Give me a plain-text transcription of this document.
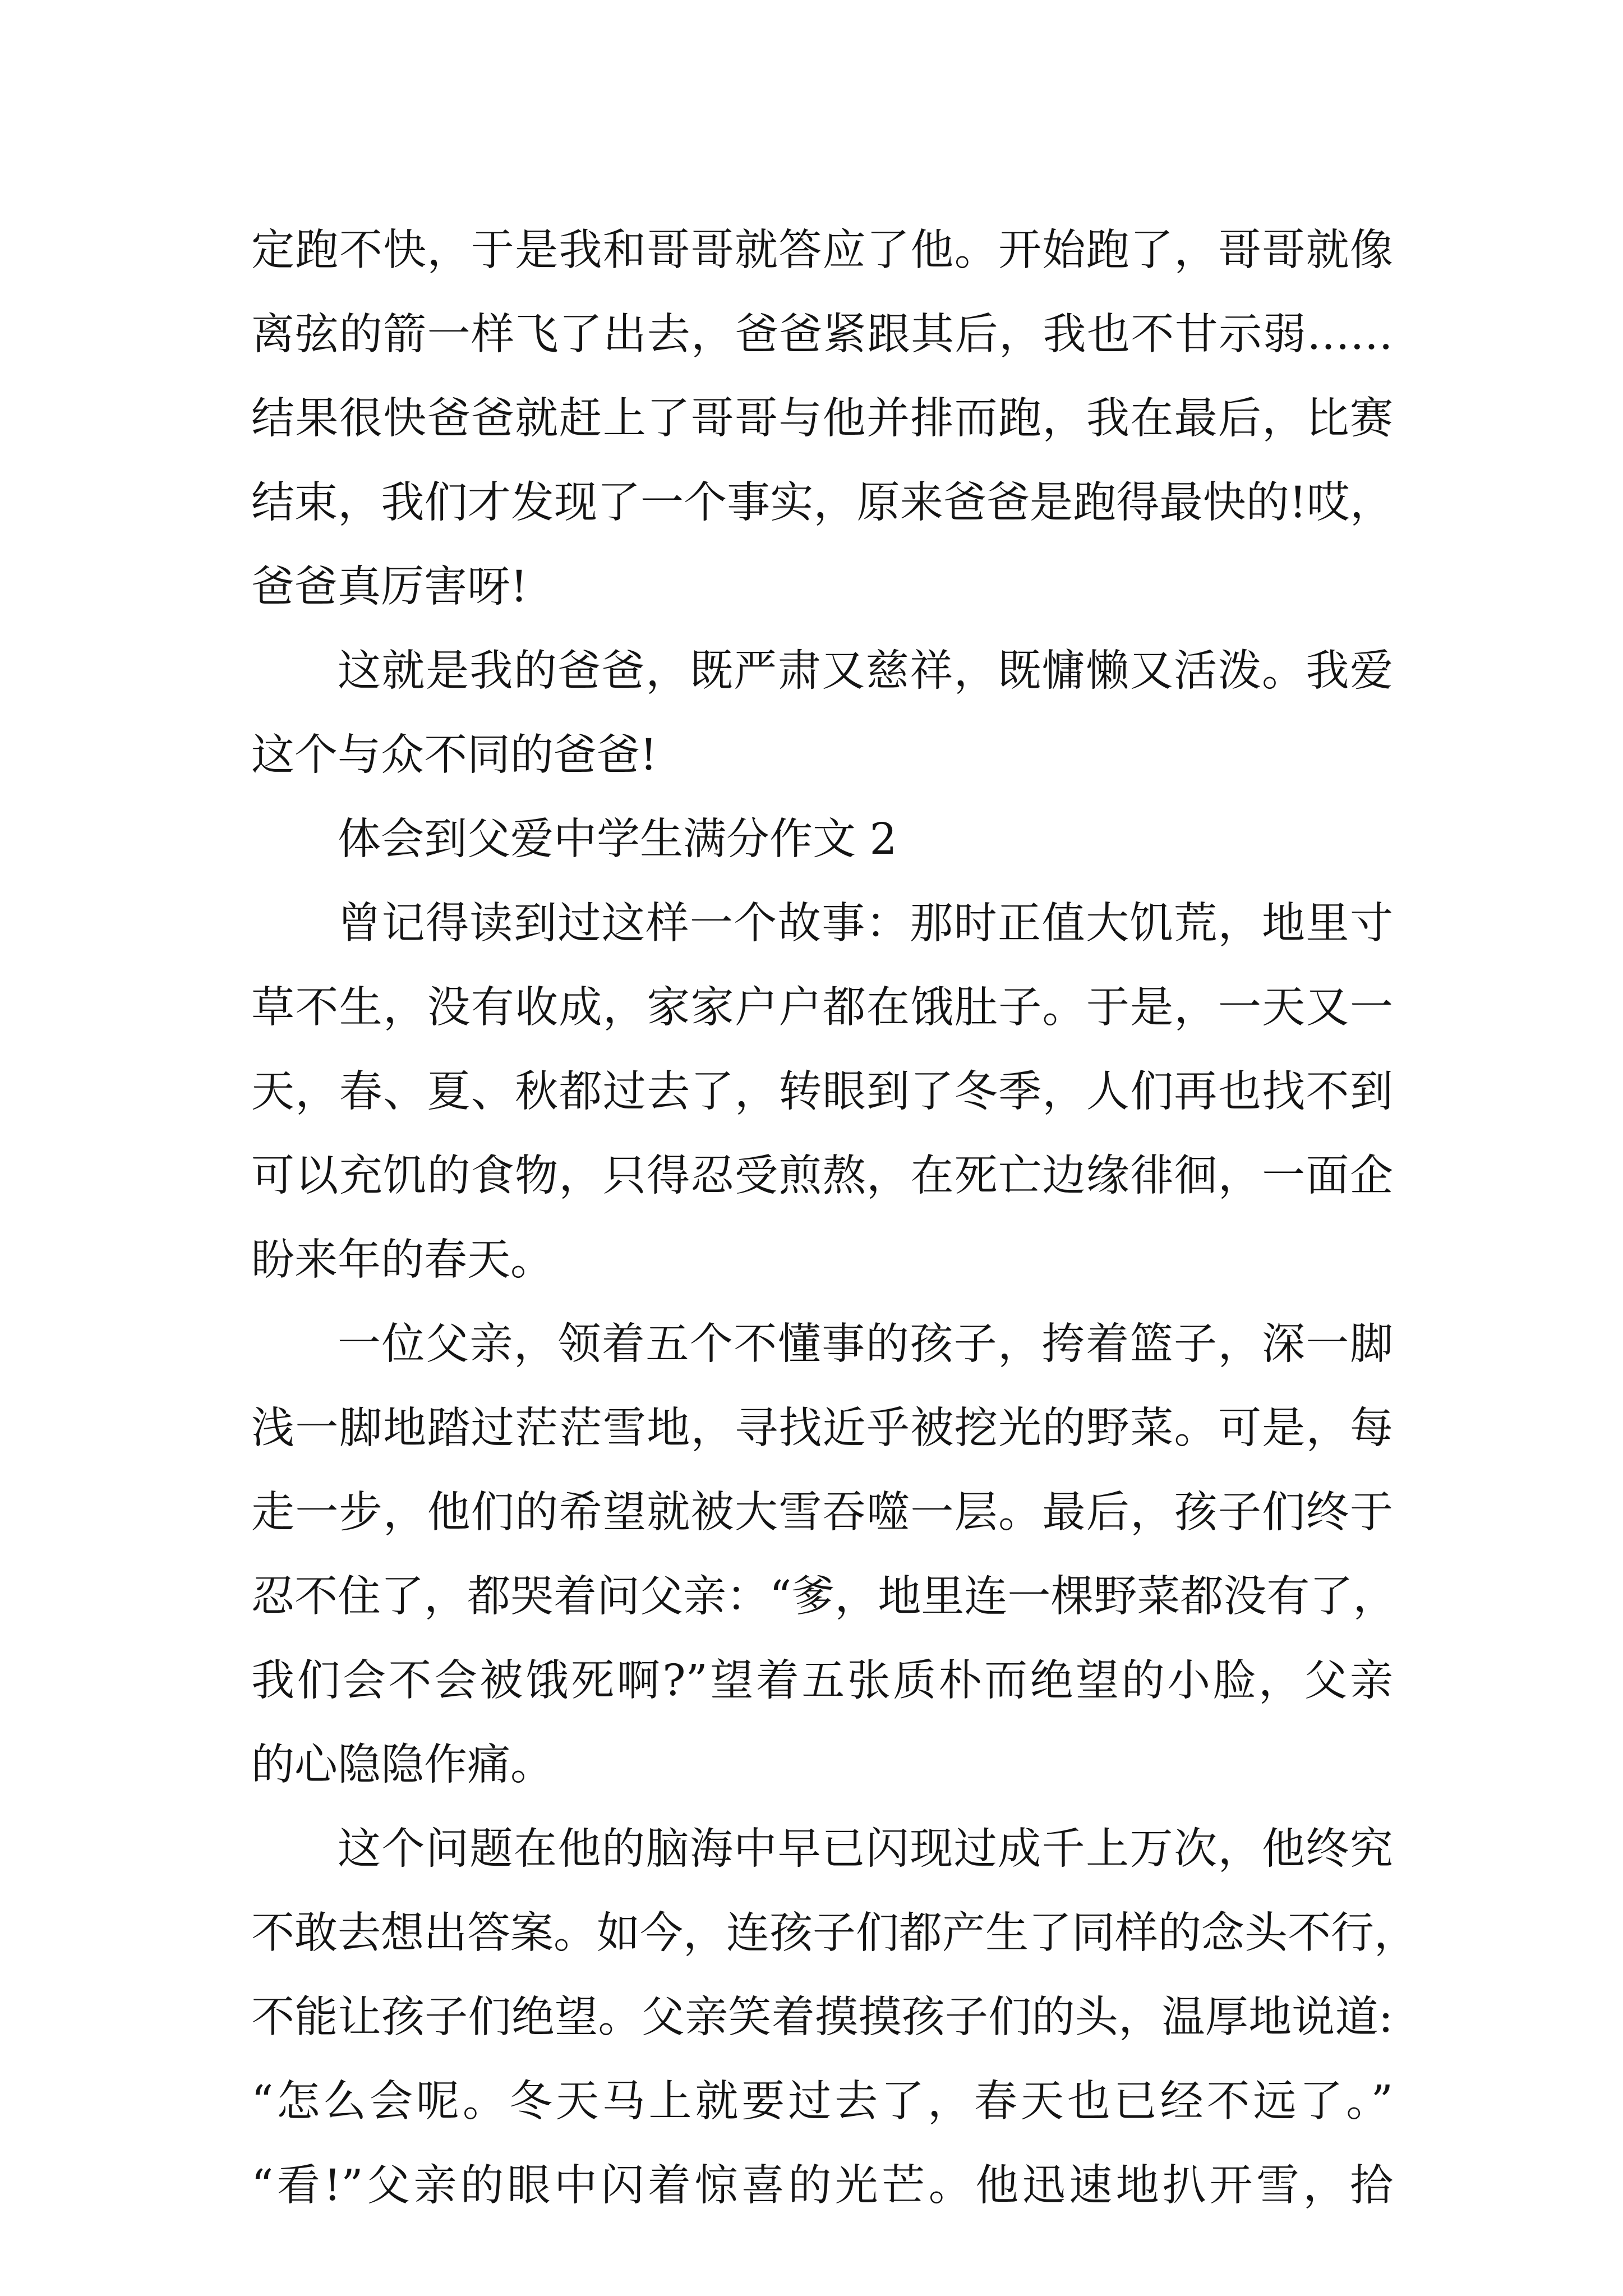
定跑不快，于是我和哥哥就答应了他。开始跑了，哥哥就像
离弦的箭一样飞了出去，爸爸紧跟其后，我也不甘示弱……
结果很快爸爸就赶上了哥哥与他并排而跑，我在最后，比赛
结束，我们才发现了一个事实，原来爸爸是跑得最快的!哎，
爸爸真厉害呀!
这就是我的爸爸，既严肃又慈祥，既慵懒又活泼。我爱
这个与众不同的爸爸!
体会到父爱中学生满分作文 2
曾记得读到过这样一个故事：那时正值大饥荒，地里寸
草不生，没有收成，家家户户都在饿肚子。于是，一天又一
天，春、夏、秋都过去了，转眼到了冬季，人们再也找不到
可以充饥的食物，只得忍受煎熬，在死亡边缘徘徊，一面企
盼来年的春天。
一位父亲，领着五个不懂事的孩子，挎着篮子，深一脚
浅一脚地踏过茫茫雪地，寻找近乎被挖光的野菜。可是，每
走一步，他们的希望就被大雪吞噬一层。最后，孩子们终于
忍不住了，都哭着问父亲：“爹，地里连一棵野菜都没有了，
我们会不会被饿死啊?”望着五张质朴而绝望的小脸，父亲
的心隐隐作痛。
这个问题在他的脑海中早已闪现过成千上万次，他终究
不敢去想出答案。如今，连孩子们都产生了同样的念头不行，
不能让孩子们绝望。父亲笑着摸摸孩子们的头，温厚地说道:
“怎么会呢。冬天马上就要过去了，春天也已经不远了。”
“看!”父亲的眼中闪着惊喜的光芒。他迅速地扒开雪，拾
